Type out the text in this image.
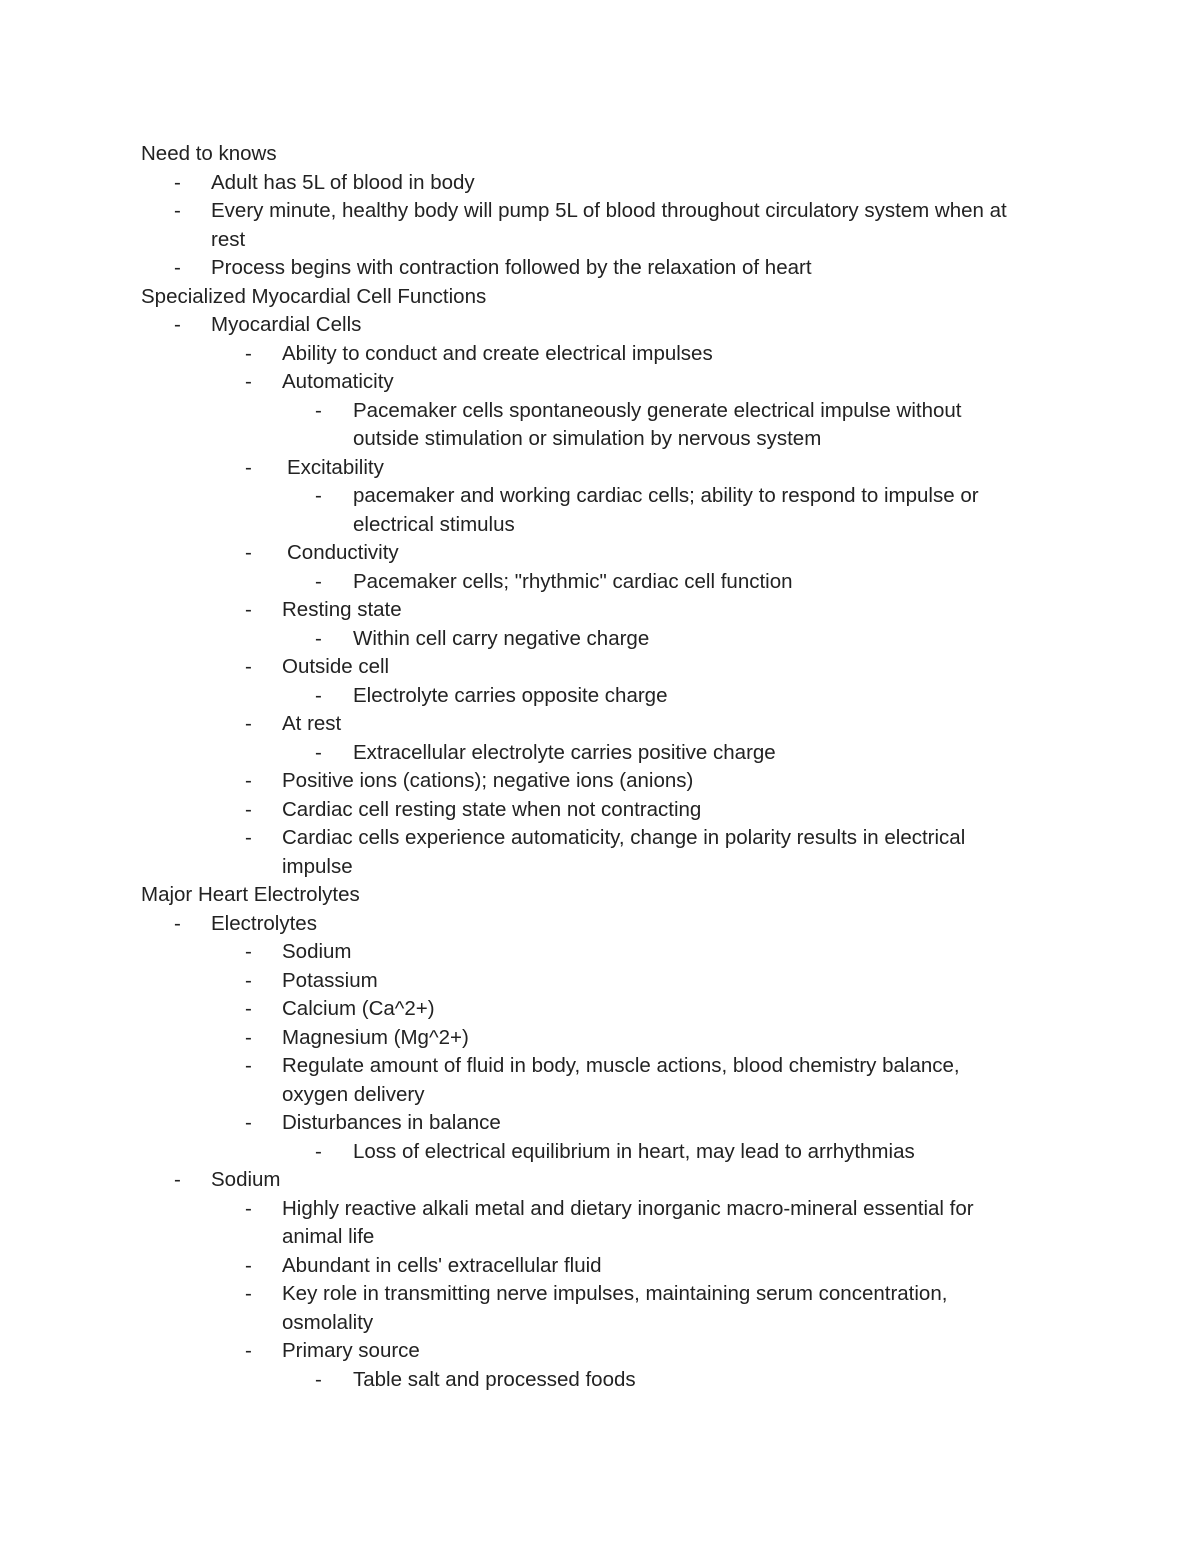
Need to knows
- Adult has 5L of blood in body
- Every minute, healthy body will pump 5L of blood throughout circulatory system when at
rest
- Process begins with contraction followed by the relaxation of heart
Specialized Myocardial Cell Functions
- Myocardial Cells
- Ability to conduct and create electrical impulses
- Automaticity
- Pacemaker cells spontaneously generate electrical impulse without
outside stimulation or simulation by nervous system
- Excitability
- pacemaker and working cardiac cells; ability to respond to impulse or
electrical stimulus
- Conductivity
- Pacemaker cells; "rhythmic" cardiac cell function
- Resting state
- Within cell carry negative charge
- Outside cell
- Electrolyte carries opposite charge
- At rest
- Extracellular electrolyte carries positive charge
- Positive ions (cations); negative ions (anions)
- Cardiac cell resting state when not contracting
- Cardiac cells experience automaticity, change in polarity results in electrical
impulse
Major Heart Electrolytes
- Electrolytes
- Sodium
- Potassium
- Calcium (Ca^2+)
- Magnesium (Mg^2+)
- Regulate amount of fluid in body, muscle actions, blood chemistry balance,
oxygen delivery
- Disturbances in balance
- Loss of electrical equilibrium in heart, may lead to arrhythmias
- Sodium
- Highly reactive alkali metal and dietary inorganic macro-mineral essential for
animal life
- Abundant in cells' extracellular fluid
- Key role in transmitting nerve impulses, maintaining serum concentration,
osmolality
- Primary source
- Table salt and processed foods
